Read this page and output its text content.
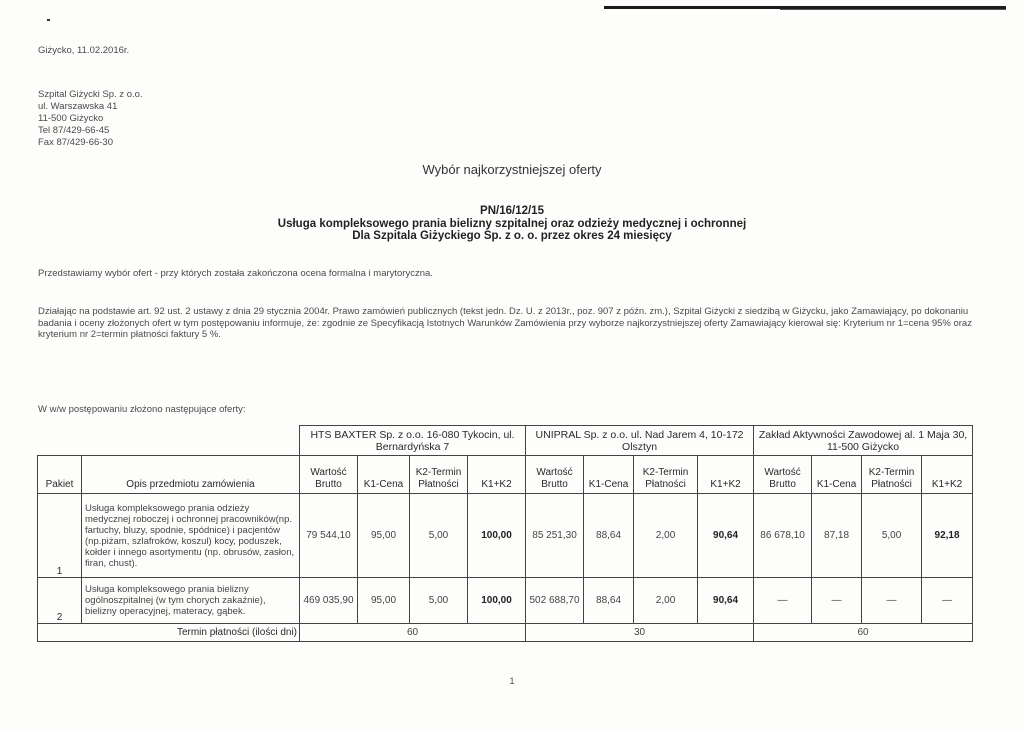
Giżycko, 11.02.2016r.
Szpital Giżycki Sp. z o.o.
ul. Warszawska 41
11-500 Giżycko
Tel 87/429-66-45
Fax 87/429-66-30
Wybór najkorzystniejszej oferty
PN/16/12/15
Usługa kompleksowego prania bielizny szpitalnej oraz odzieży medycznej i ochronnej
Dla Szpitala Giżyckiego Sp. z o. o. przez okres 24 miesięcy
Przedstawiamy wybór ofert - przy których została zakończona ocena formalna i marytoryczna.
Działając na podstawie art. 92 ust. 2 ustawy z dnia 29 stycznia 2004r. Prawo zamówień publicznych (tekst jedn. Dz. U. z 2013r., poz. 907 z późn. zm.), Szpital Giżycki z siedzibą w Giżycku, jako Zamawiający, po dokonaniu badania i oceny złożonych ofert w tym postępowaniu informuje, że: zgodnie ze Specyfikacją Istotnych Warunków Zamówienia przy wyborze najkorzystniejszej oferty Zamawiający kierował się: Kryterium nr 1=cena 95% oraz kryterium nr 2=termin płatności faktury 5 %.
W w/w postępowaniu złożono następujące oferty:
		HTS BAXTER Sp. z o.o. 16-080 Tykocin, ul. Bernardyńska 7				UNIPRAL Sp. z o.o. ul. Nad Jarem 4, 10-172 Olsztyn				Zakład Aktywności Zawodowej al. 1 Maja 30, 11-500 Giżycko			
Pakiet	Opis przedmiotu zamówienia	Wartość Brutto	K1-Cena	K2-Termin Płatności	K1+K2	Wartość Brutto	K1-Cena	K2-Termin Płatności	K1+K2	Wartość Brutto	K1-Cena	K2-Termin Płatności	K1+K2
1	Usługa kompleksowego prania odzieży medycznej roboczej i ochronnej pracowników(np. fartuchy, bluzy, spodnie, spódnice) i pacjentów (np.piżam, szlafroków, koszul) kocy, poduszek, kołder i innego asortymentu (np. obrusów, zasłon, firan, chust).	79 544,10	95,00	5,00	100,00	85 251,30	88,64	2,00	90,64	86 678,10	87,18	5,00	92,18
2	Usługa kompleksowego prania bielizny ogólnoszpitalnej (w tym chorych zakaźnie), bielizny operacyjnej, materacy, gąbek.	469 035,90	95,00	5,00	100,00	502 688,70	88,64	2,00	90,64	—	—	—	—
Termin płatności (ilości dni)		60				30				60			
1
